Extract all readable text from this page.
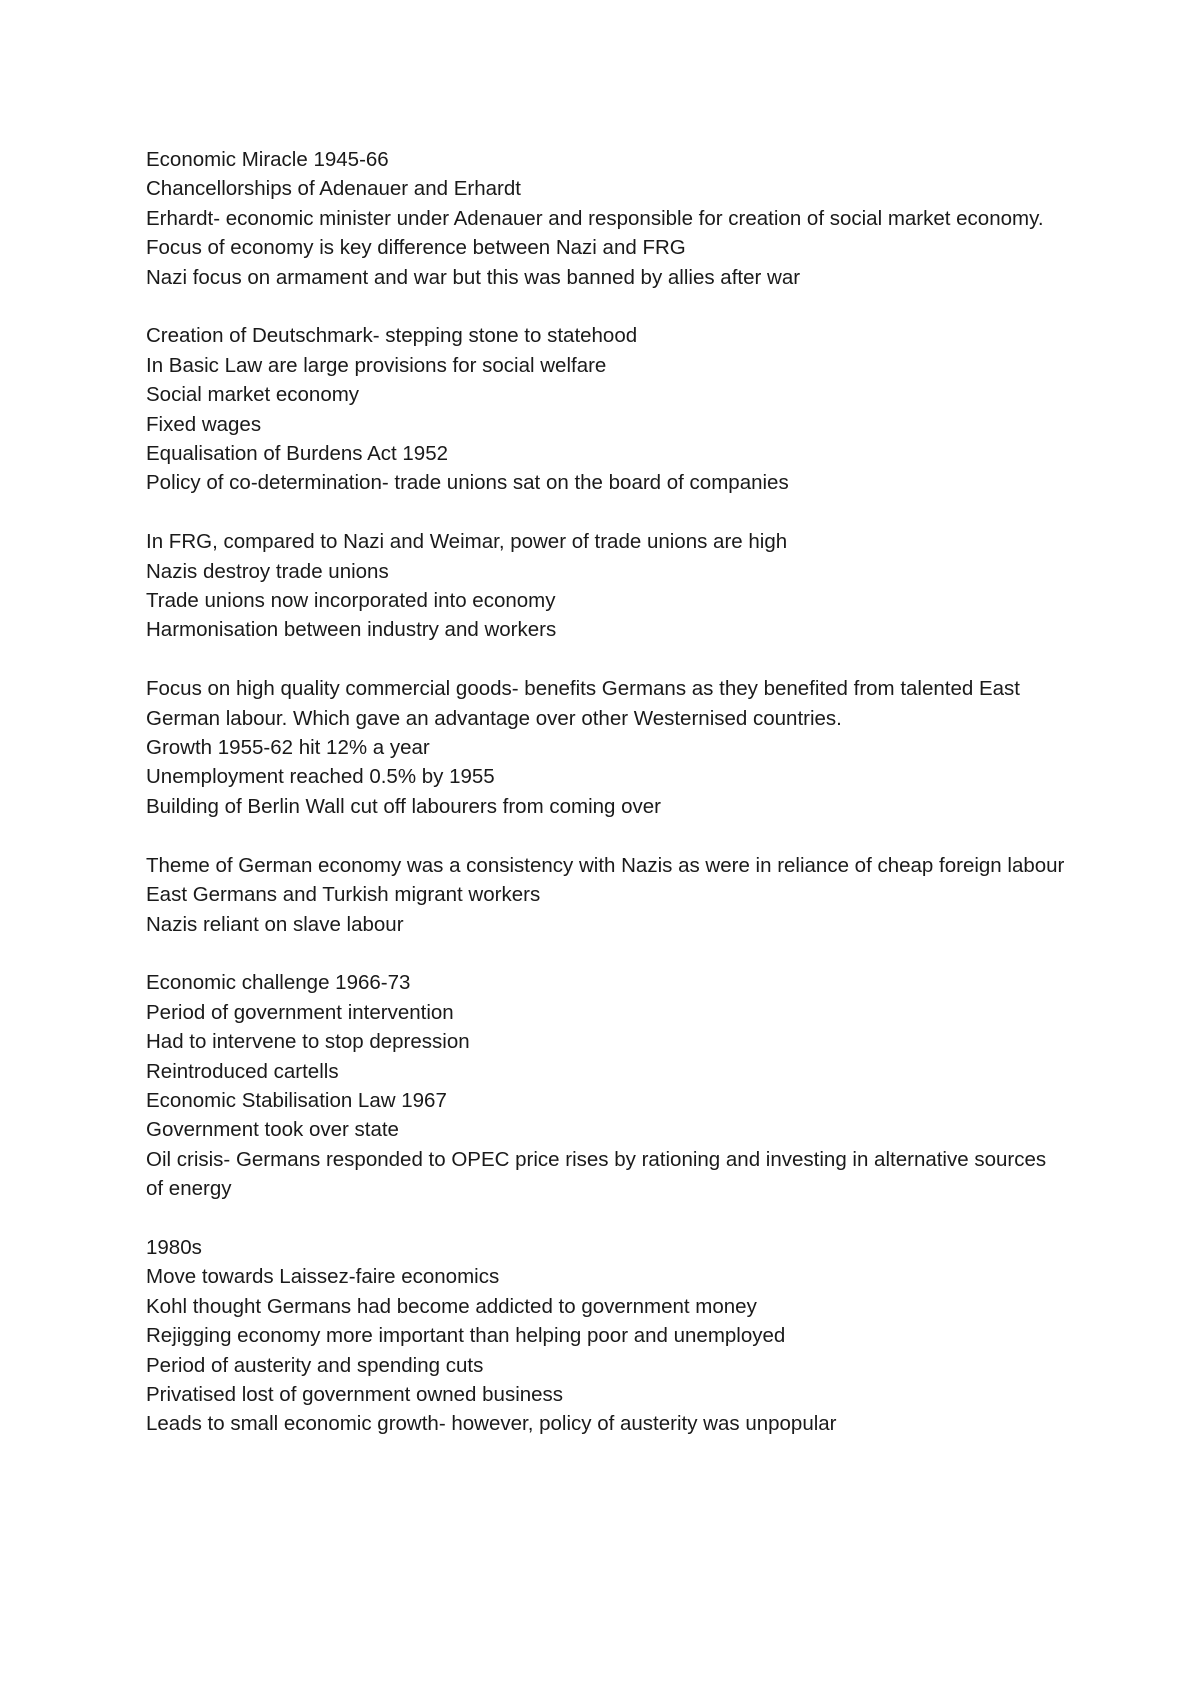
Economic Miracle 1945-66
Chancellorships of Adenauer and Erhardt
Erhardt- economic minister under Adenauer and responsible for creation of social market economy.
Focus of economy is key difference between Nazi and FRG
Nazi focus on armament and war but this was banned by allies after war
Creation of Deutschmark- stepping stone to statehood
In Basic Law are large provisions for social welfare
Social market economy
Fixed wages
Equalisation of Burdens Act 1952
Policy of co-determination- trade unions sat on the board of companies
In FRG, compared to Nazi and Weimar, power of trade unions are high
Nazis destroy trade unions
Trade unions now incorporated into economy
Harmonisation between industry and workers
Focus on high quality commercial goods- benefits Germans as they benefited from talented East German labour. Which gave an advantage over other Westernised countries.
Growth 1955-62 hit 12% a year
Unemployment reached 0.5% by 1955
Building of Berlin Wall cut off labourers from coming over
Theme of German economy was a consistency with Nazis as were in reliance of cheap foreign labour
East Germans and Turkish migrant workers
Nazis reliant on slave labour
Economic challenge 1966-73
Period of government intervention
Had to intervene to stop depression
Reintroduced cartells
Economic Stabilisation Law 1967
Government took over state
Oil crisis- Germans responded to OPEC price rises by rationing and investing in alternative sources of energy
1980s
Move towards Laissez-faire economics
Kohl thought Germans had become addicted to government money
Rejigging economy more important than helping poor and unemployed
Period of austerity and spending cuts
Privatised lost of government owned business
Leads to small economic growth- however, policy of austerity was unpopular
